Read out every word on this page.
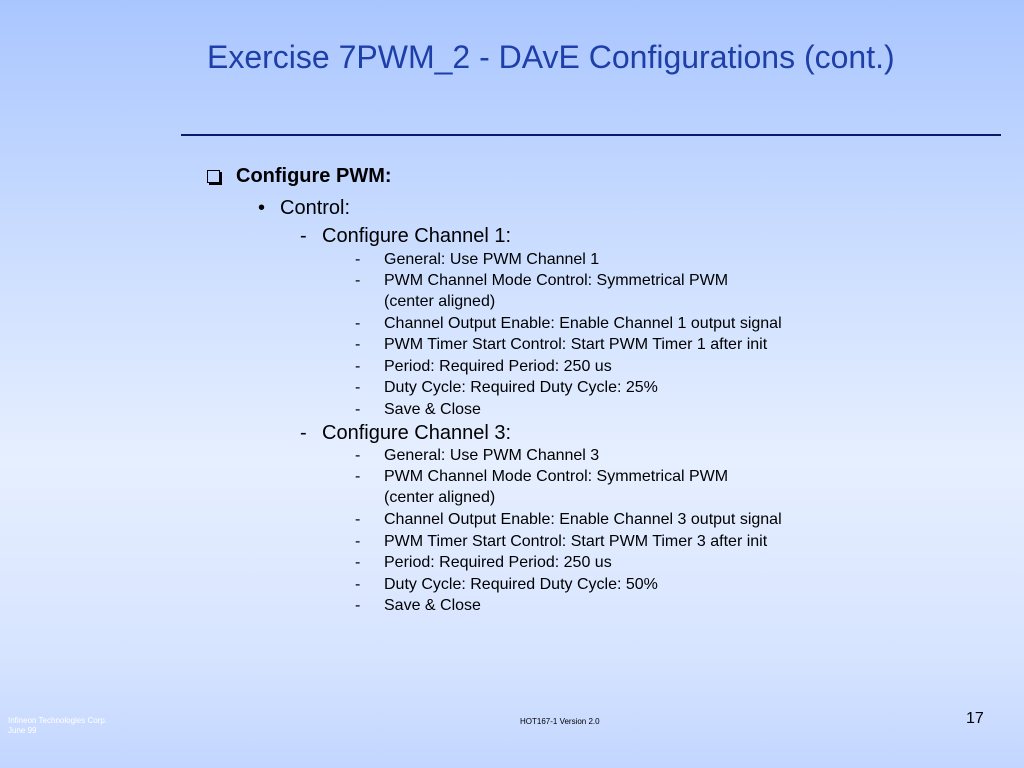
Exercise 7PWM_2 - DAvE Configurations (cont.)
Configure PWM:
• Control:
- Configure Channel 1:
- General: Use PWM Channel 1
- PWM Channel Mode Control: Symmetrical PWM
(center aligned)
- Channel Output Enable: Enable Channel 1 output signal
- PWM Timer Start Control: Start PWM Timer 1 after init
- Period: Required Period: 250 us
- Duty Cycle: Required Duty Cycle: 25%
- Save & Close
- Configure Channel 3:
- General: Use PWM Channel 3
- PWM Channel Mode Control: Symmetrical PWM
(center aligned)
- Channel Output Enable: Enable Channel 3 output signal
- PWM Timer Start Control: Start PWM Timer 3 after init
- Period: Required Period: 250 us
- Duty Cycle: Required Duty Cycle: 50%
- Save & Close
Infineon Technologies Corp.
June 99
HOT167-1 Version 2.0	17
